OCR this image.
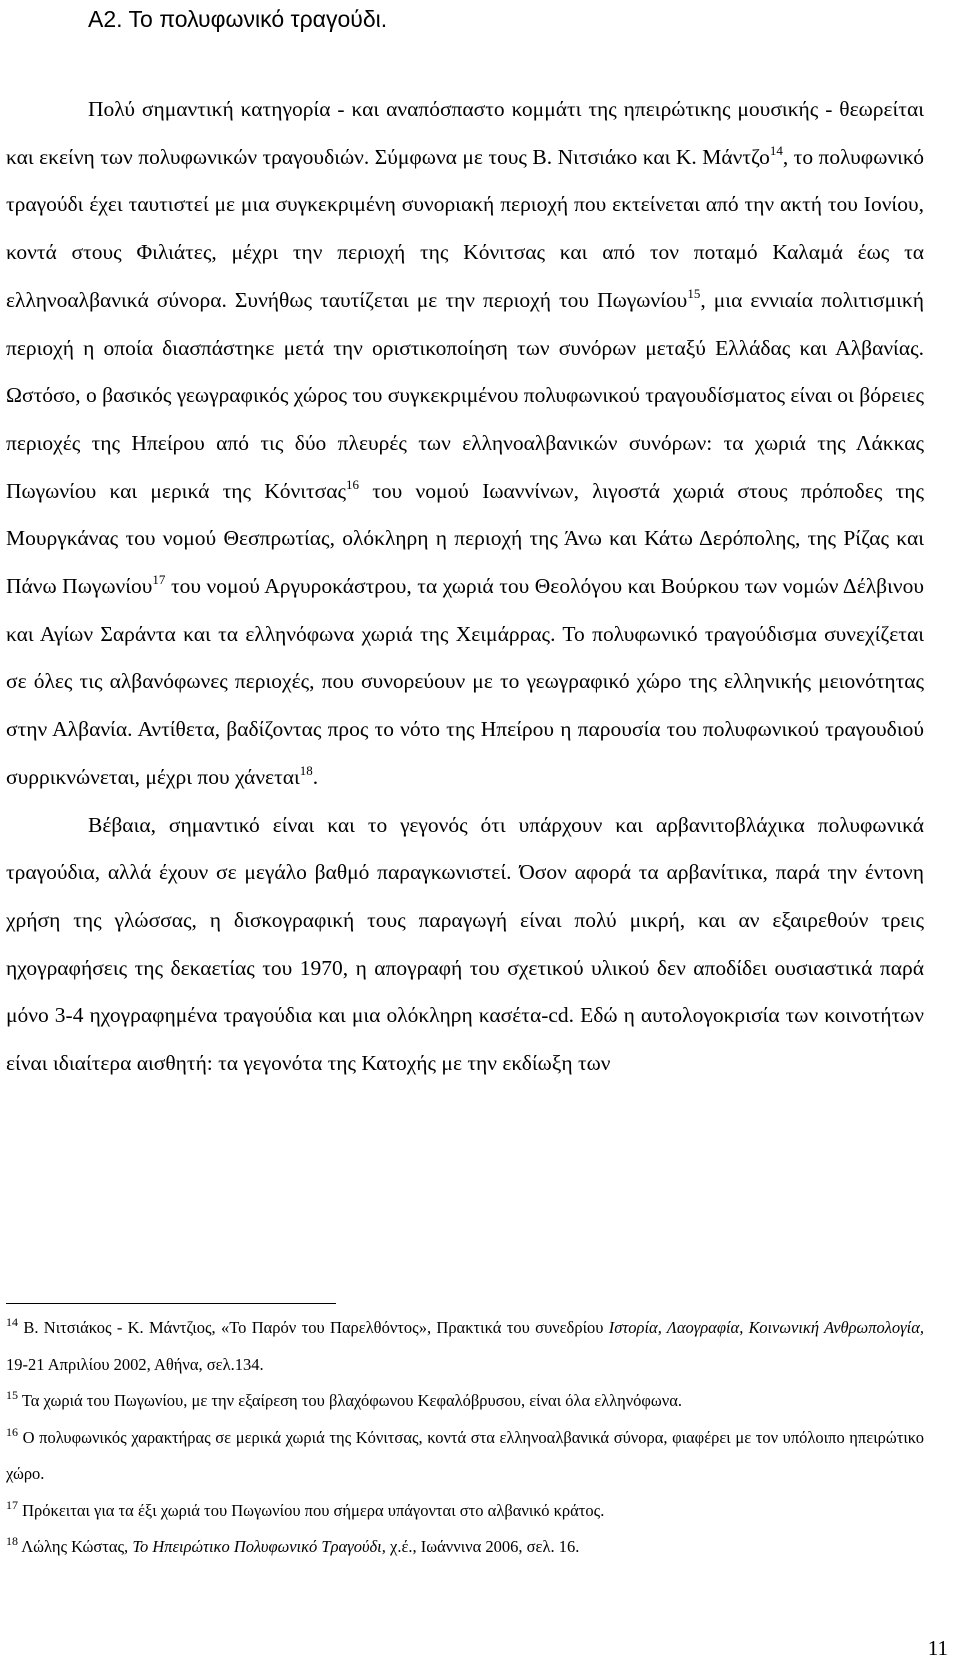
Α2. Το πολυφωνικό τραγούδι.

Πολύ σημαντική κατηγορία - και αναπόσπαστο κομμάτι της ηπειρώτικης μουσικής - θεωρείται και εκείνη των πολυφωνικών τραγουδιών. Σύμφωνα με τους Β. Νιτσιάκο και Κ. Μάντζο$^{14}$, το πολυφωνικό τραγούδι έχει ταυτιστεί με μια συγκεκριμένη συνοριακή περιοχή που εκτείνεται από την ακτή του Ιονίου, κοντά στους Φιλιάτες, μέχρι την περιοχή της Κόνιτσας και από τον ποταμό Καλαμά έως τα ελληνοαλβανικά σύνορα. Συνήθως ταυτίζεται με την περιοχή του Πωγωνίου$^{15}$, μια εννιαία πολιτισμική περιοχή η οποία διασπάστηκε μετά την οριστικοποίηση των συνόρων μεταξύ Ελλάδας και Αλβανίας. Ωστόσο, ο βασικός γεωγραφικός χώρος του συγκεκριμένου πολυφωνικού τραγουδίσματος είναι οι βόρειες περιοχές της Ηπείρου από τις δύο πλευρές των ελληνοαλβανικών συνόρων: τα χωριά της Λάκκας Πωγωνίου και μερικά της Κόνιτσας$^{16}$ του νομού Ιωαννίνων, λιγοστά χωριά στους πρόποδες της Μουργκάνας του νομού Θεσπρωτίας, ολόκληρη η περιοχή της Άνω και Κάτω Δερόπολης, της Ρίζας και Πάνω Πωγωνίου$^{17}$ του νομού Αργυροκάστρου, τα χωριά του Θεολόγου και Βούρκου των νομών Δέλβινου και Αγίων Σαράντα και τα ελληνόφωνα χωριά της Χειμάρρας. Το πολυφωνικό τραγούδισμα συνεχίζεται σε όλες τις αλβανόφωνες περιοχές, που συνορεύουν με το γεωγραφικό χώρο της ελληνικής μειονότητας στην Αλβανία. Αντίθετα, βαδίζοντας προς το νότο της Ηπείρου η παρουσία του πολυφωνικού τραγουδιού συρρικνώνεται, μέχρι που χάνεται$^{18}$.

Βέβαια, σημαντικό είναι και το γεγονός ότι υπάρχουν και αρβανιτοβλάχικα πολυφωνικά τραγούδια, αλλά έχουν σε μεγάλο βαθμό παραγκωνιστεί. Όσον αφορά τα αρβανίτικα, παρά την έντονη χρήση της γλώσσας, η δισκογραφική τους παραγωγή είναι πολύ μικρή, και αν εξαιρεθούν τρεις ηχογραφήσεις της δεκαετίας του 1970, η απογραφή του σχετικού υλικού δεν αποδίδει ουσιαστικά παρά μόνο 3-4 ηχογραφημένα τραγούδια και μια ολόκληρη κασέτα-cd. Εδώ η αυτολογοκρισία των κοινοτήτων είναι ιδιαίτερα αισθητή: τα γεγονότα της Κατοχής με την εκδίωξη των

$^{14}$ Β. Νιτσιάκος - Κ. Μάντζιος, «Το Παρόν του Παρελθόντος», Πρακτικά του συνεδρίου Ιστορία, Λαογραφία, Κοινωνική Ανθρωπολογία, 19-21 Απριλίου 2002, Αθήνα, σελ.134.

$^{15}$ Τα χωριά του Πωγωνίου, με την εξαίρεση του βλαχόφωνου Κεφαλόβρυσου, είναι όλα ελληνόφωνα.

$^{16}$ Ο πολυφωνικός χαρακτήρας σε μερικά χωριά της Κόνιτσας, κοντά στα ελληνοαλβανικά σύνορα, φιαφέρει με τον υπόλοιπο ηπειρώτικο χώρο.

$^{17}$ Πρόκειται για τα έξι χωριά του Πωγωνίου που σήμερα υπάγονται στο αλβανικό κράτος.

$^{18}$ Λώλης Κώστας, Το Ηπειρώτικο Πολυφωνικό Τραγούδι, χ.έ., Ιωάννινα 2006, σελ. 16.

11
